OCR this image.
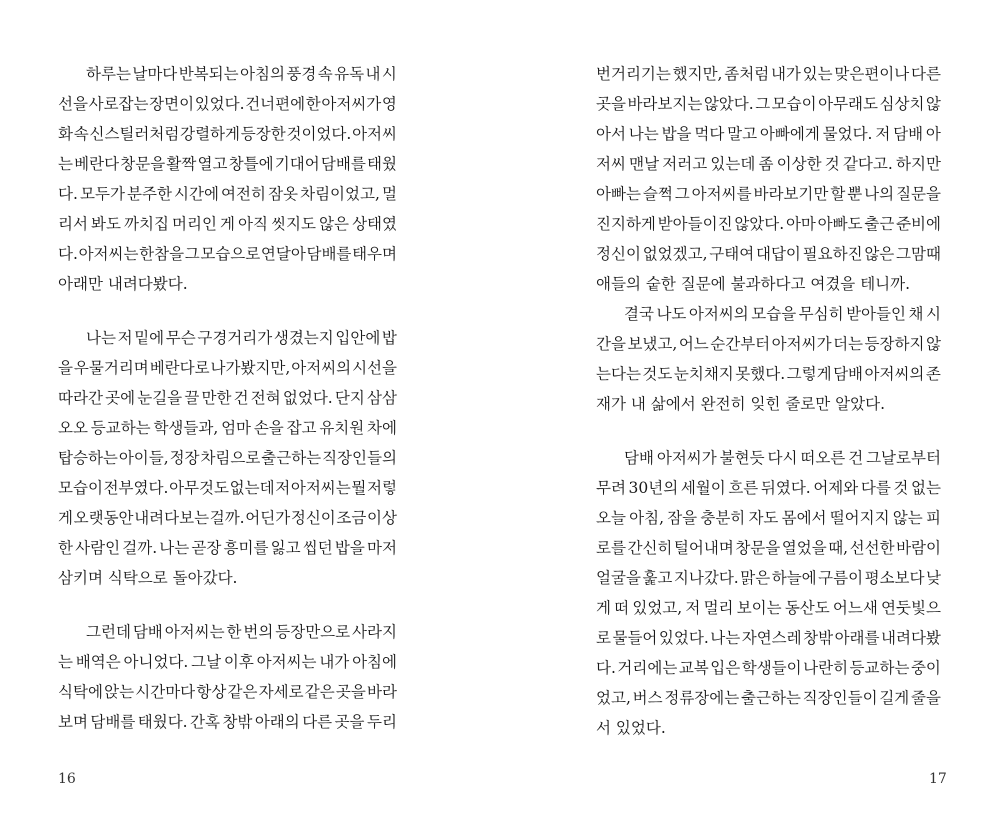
하루는 날마다 반복되는 아침의 풍경 속 유독 내 시
선을 사로잡는 장면이 있었다. 건너편에 한 아저씨가 영
화 속 신스틸러처럼 강렬하게 등장한 것이었다. 아저씨
는 베란다 창문을 활짝 열고 창틀에 기대어 담배를 태웠
다. 모두가 분주한 시간에 여전히 잠옷 차림이었고, 멀
리서 봐도 까치집 머리인 게 아직 씻지도 않은 상태였
다. 아저씨는 한참을 그 모습으로 연달아 담배를 태우며
아래만 내려다봤다.
나는 저 밑에 무슨 구경거리가 생겼는지 입안에 밥
을 우물거리며 베란다로 나가봤지만, 아저씨의 시선을
따라간 곳에 눈길을 끌 만한 건 전혀 없었다. 단지 삼삼
오오 등교하는 학생들과, 엄마 손을 잡고 유치원 차에
탑승하는 아이들, 정장 차림으로 출근하는 직장인들의
모습이 전부였다. 아무것도 없는데 저 아저씨는 뭘 저렇
게 오랫동안 내려다보는 걸까. 어딘가 정신이 조금 이상
한 사람인 걸까. 나는 곧장 흥미를 잃고 씹던 밥을 마저
삼키며 식탁으로 돌아갔다.
그런데 담배 아저씨는 한 번의 등장만으로 사라지
는 배역은 아니었다. 그날 이후 아저씨는 내가 아침에
식탁에 앉는 시간마다 항상 같은 자세로 같은 곳을 바라
보며 담배를 태웠다. 간혹 창밖 아래의 다른 곳을 두리
16
번거리기는 했지만, 좀처럼 내가 있는 맞은편이나 다른
곳을 바라보지는 않았다. 그 모습이 아무래도 심상치 않
아서 나는 밥을 먹다 말고 아빠에게 물었다. 저 담배 아
저씨 맨날 저러고 있는데 좀 이상한 것 같다고. 하지만
아빠는 슬쩍 그 아저씨를 바라보기만 할 뿐 나의 질문을
진지하게 받아들이진 않았다. 아마 아빠도 출근 준비에
정신이 없었겠고, 구태여 대답이 필요하진 않은 그맘때
애들의 숱한 질문에 불과하다고 여겼을 테니까.
결국 나도 아저씨의 모습을 무심히 받아들인 채 시
간을 보냈고, 어느 순간부터 아저씨가 더는 등장하지 않
는다는 것도 눈치채지 못했다. 그렇게 담배 아저씨의 존
재가 내 삶에서 완전히 잊힌 줄로만 알았다.
담배 아저씨가 불현듯 다시 떠오른 건 그날로부터
무려 30년의 세월이 흐른 뒤였다. 어제와 다를 것 없는
오늘 아침, 잠을 충분히 자도 몸에서 떨어지지 않는 피
로를 간신히 털어내며 창문을 열었을 때, 선선한 바람이
얼굴을 훑고 지나갔다. 맑은 하늘에 구름이 평소보다 낮
게 떠 있었고, 저 멀리 보이는 동산도 어느새 연둣빛으
로 물들어 있었다. 나는 자연스레 창밖 아래를 내려다봤
다. 거리에는 교복 입은 학생들이 나란히 등교하는 중이
었고, 버스 정류장에는 출근하는 직장인들이 길게 줄을
서 있었다.
17
